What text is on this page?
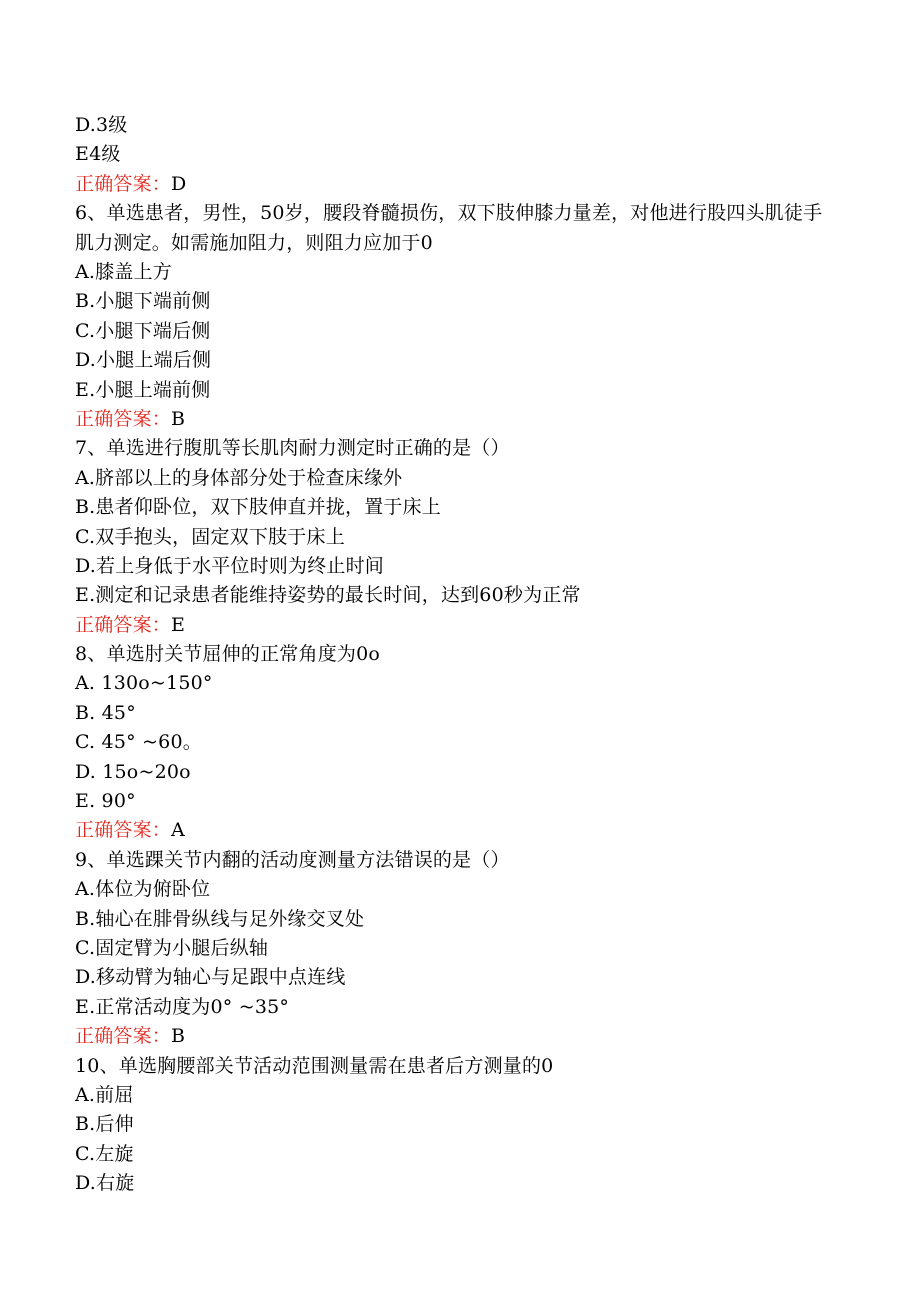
D.3级
E4级
正确答案：D
6、单选患者，男性，50岁，腰段脊髓损伤，双下肢伸膝力量差，对他进行股四头肌徒手肌力测定。如需施加阻力，则阻力应加于0
A.膝盖上方
B.小腿下端前侧
C.小腿下端后侧
D.小腿上端后侧
E.小腿上端前侧
正确答案：B
7、单选进行腹肌等长肌肉耐力测定时正确的是（）
A.脐部以上的身体部分处于检查床缘外
B.患者仰卧位，双下肢伸直并拢，置于床上
C.双手抱头，固定双下肢于床上
D.若上身低于水平位时则为终止时间
E.测定和记录患者能维持姿势的最长时间，达到60秒为正常
正确答案：E
8、单选肘关节屈伸的正常角度为0o
A. 130o~150°
B. 45°
C. 45° ~60。
D. 15o~20o
E. 90°
正确答案：A
9、单选踝关节内翻的活动度测量方法错误的是（）
A.体位为俯卧位
B.轴心在腓骨纵线与足外缘交叉处
C.固定臂为小腿后纵轴
D.移动臂为轴心与足跟中点连线
E.正常活动度为0° ~35°
正确答案：B
10、单选胸腰部关节活动范围测量需在患者后方测量的0
A.前屈
B.后伸
C.左旋
D.右旋
